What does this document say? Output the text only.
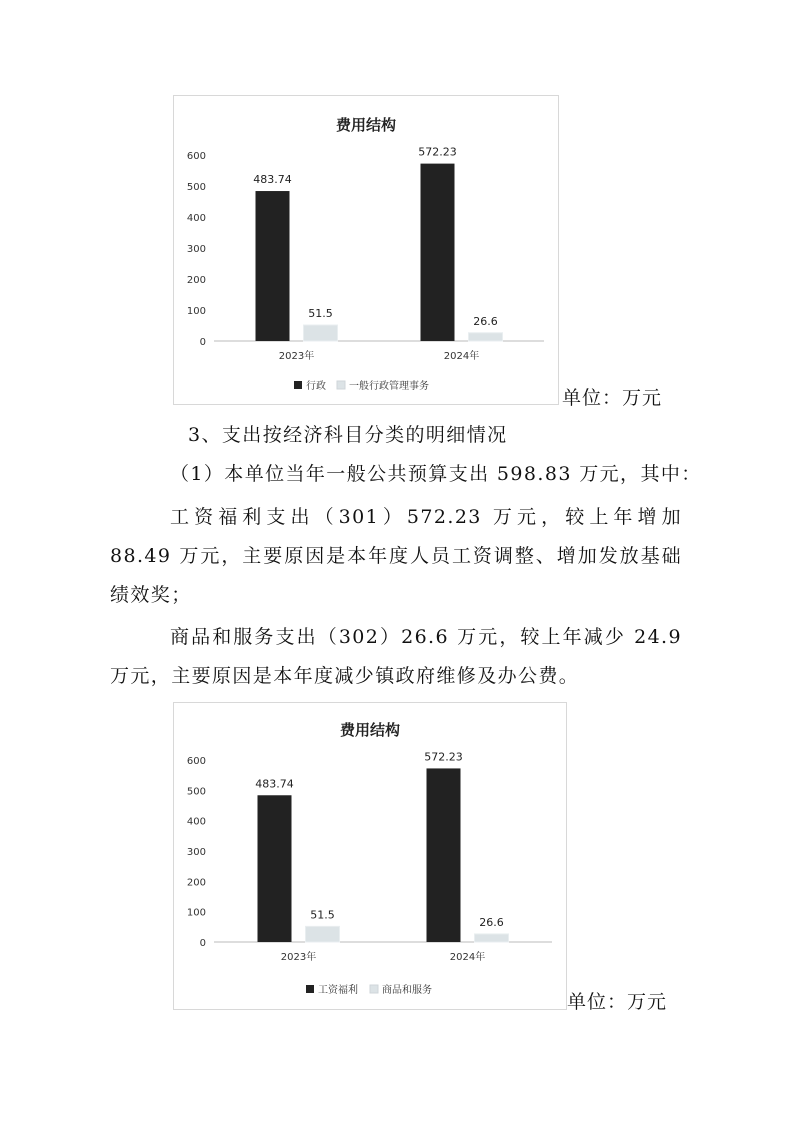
费用结构
0
100
200
300
400
500
600
2023年
483.74
51.5
2024年
572.23
26.6
行政 一般行政管理事务
单位：万元
3、支出按经济科目分类的明细情况
（1）本单位当年一般公共预算支出 598.83 万元，其中：
工资福利支出（301）572.23 万元，较上年增加 88.49 万元，主要原因是本年度人员工资调整、增加发放基础绩效奖；
商品和服务支出（302）26.6 万元，较上年减少 24.9 万元，主要原因是本年度减少镇政府维修及办公费。
费用结构
0
100
200
300
400
500
600
2023年
483.74
51.5
2024年
572.23
26.6
工资福利 商品和服务
单位：万元
